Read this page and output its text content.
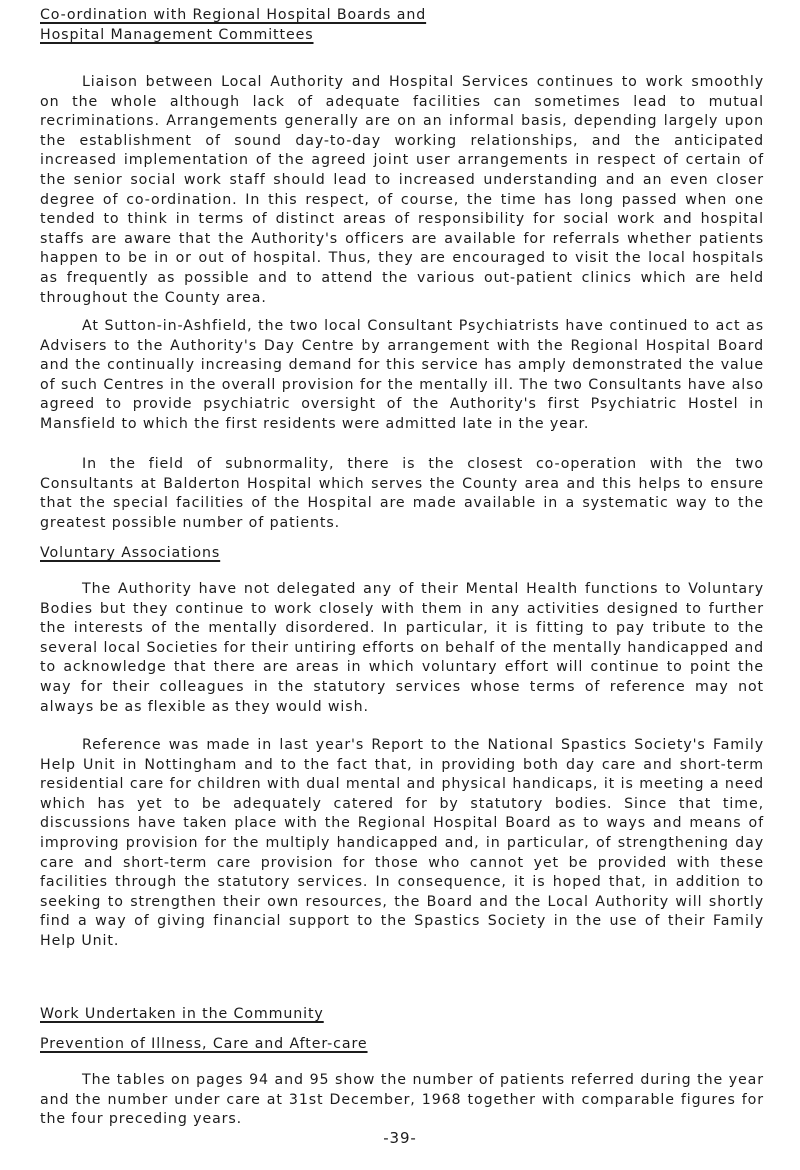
Co-ordination with Regional Hospital Boards and
Hospital Management Committees

Liaison between Local Authority and Hospital Services continues to work smoothly on the whole although lack of adequate facilities can sometimes lead to mutual recriminations. Arrangements generally are on an informal basis, depending largely upon the establishment of sound day-to-day working relationships, and the anticipated increased implementation of the agreed joint user arrangements in respect of certain of the senior social work staff should lead to increased understanding and an even closer degree of co-ordination. In this respect, of course, the time has long passed when one tended to think in terms of distinct areas of responsibility for social work and hospital staffs are aware that the Authority's officers are available for referrals whether patients happen to be in or out of hospital. Thus, they are encouraged to visit the local hospitals as frequently as possible and to attend the various out-patient clinics which are held throughout the County area.

At Sutton-in-Ashfield, the two local Consultant Psychiatrists have continued to act as Advisers to the Authority's Day Centre by arrangement with the Regional Hospital Board and the continually increasing demand for this service has amply demonstrated the value of such Centres in the overall provision for the mentally ill. The two Consultants have also agreed to provide psychiatric oversight of the Authority's first Psychiatric Hostel in Mansfield to which the first residents were admitted late in the year.

In the field of subnormality, there is the closest co-operation with the two Consultants at Balderton Hospital which serves the County area and this helps to ensure that the special facilities of the Hospital are made available in a systematic way to the greatest possible number of patients.

Voluntary Associations

The Authority have not delegated any of their Mental Health functions to Voluntary Bodies but they continue to work closely with them in any activities designed to further the interests of the mentally disordered. In particular, it is fitting to pay tribute to the several local Societies for their untiring efforts on behalf of the mentally handicapped and to acknowledge that there are areas in which voluntary effort will continue to point the way for their colleagues in the statutory services whose terms of reference may not always be as flexible as they would wish.

Reference was made in last year's Report to the National Spastics Society's Family Help Unit in Nottingham and to the fact that, in providing both day care and short-term residential care for children with dual mental and physical handicaps, it is meeting a need which has yet to be adequately catered for by statutory bodies. Since that time, discussions have taken place with the Regional Hospital Board as to ways and means of improving provision for the multiply handicapped and, in particular, of strengthening day care and short-term care provision for those who cannot yet be provided with these facilities through the statutory services. In consequence, it is hoped that, in addition to seeking to strengthen their own resources, the Board and the Local Authority will shortly find a way of giving financial support to the Spastics Society in the use of their Family Help Unit.

Work Undertaken in the Community
Prevention of Illness, Care and After-care

The tables on pages 94 and 95 show the number of patients referred during the year and the number under care at 31st December, 1968 together with comparable figures for the four preceding years.

-39-
